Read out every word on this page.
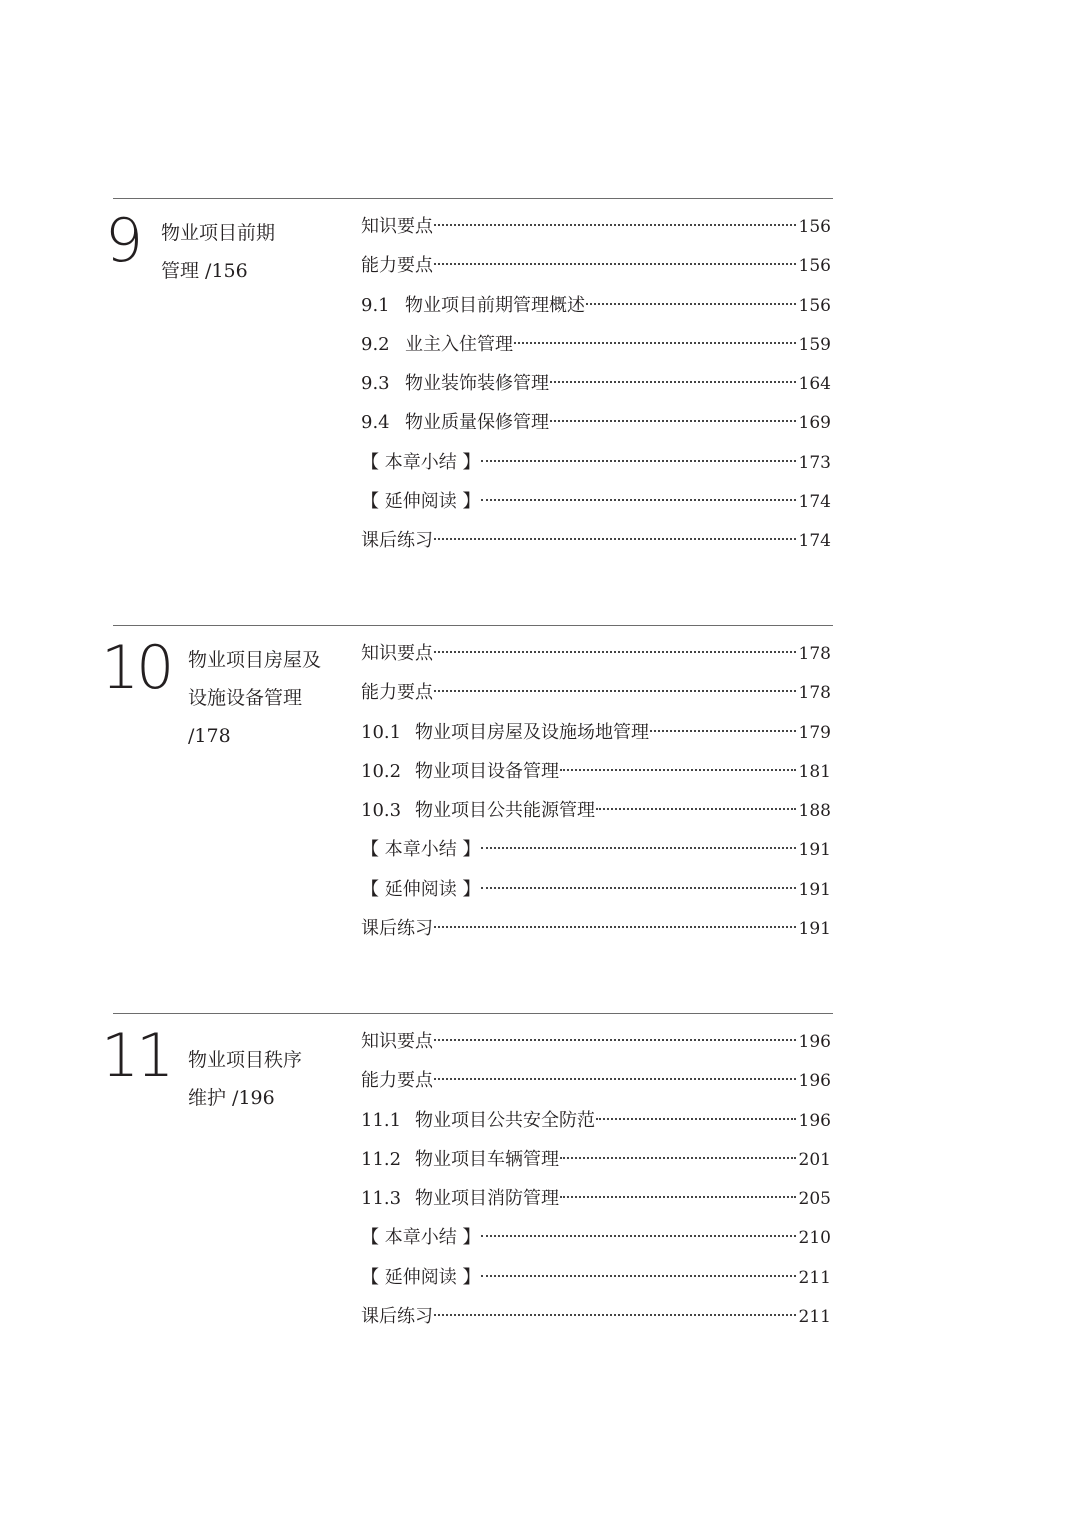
9 物业项目前期
管理 /156
知识要点	156
能力要点	156
9.1 物业项目前期管理概述	156
9.2 业主入住管理	159
9.3 物业装饰装修管理	164
9.4 物业质量保修管理	169
【 本章小结 】	173
【 延伸阅读 】	174
课后练习	174
10 物业项目房屋及
设施设备管理
/178
知识要点	178
能力要点	178
10.1 物业项目房屋及设施场地管理	179
10.2 物业项目设备管理	181
10.3 物业项目公共能源管理	188
【 本章小结 】	191
【 延伸阅读 】	191
课后练习	191
11 物业项目秩序
维护 /196
知识要点	196
能力要点	196
11.1 物业项目公共安全防范	196
11.2 物业项目车辆管理	201
11.3 物业项目消防管理	205
【 本章小结 】	210
【 延伸阅读 】	211
课后练习	211
